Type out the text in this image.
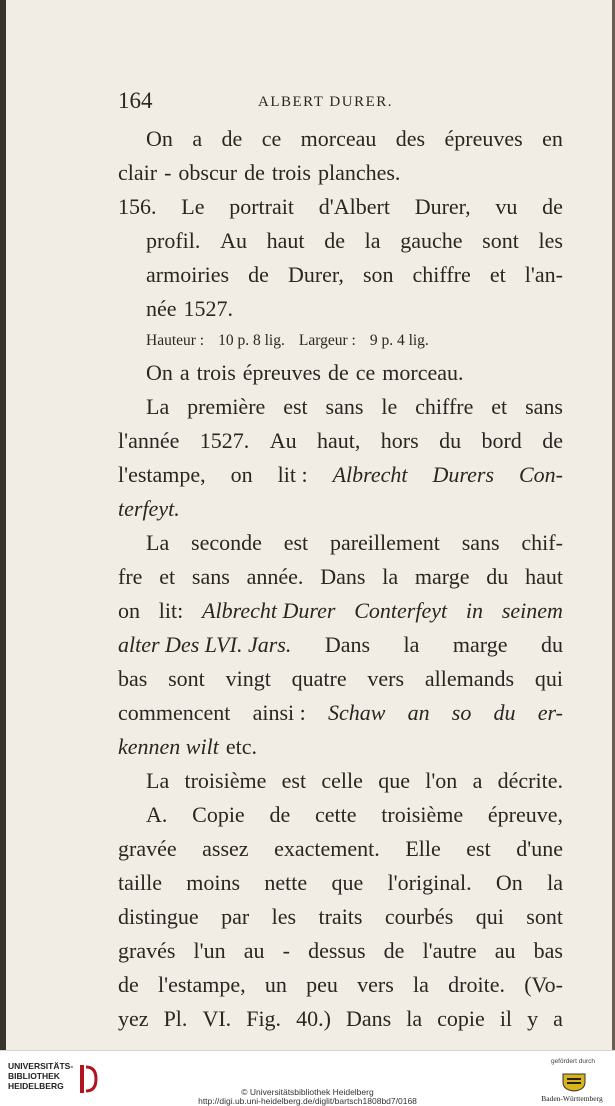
164	ALBERT DURER.
On a de ce morceau des épreuves en
clair - obscur de trois planches.
156. Le portrait d'Albert Durer, vu de
profil. Au haut de la gauche sont les
armoiries de Durer, son chiffre et l'an-
née 1527.
Hauteur : 10 p. 8 lig. Largeur : 9 p. 4 lig.
On a trois épreuves de ce morceau.
La première est sans le chiffre et sans
l'année 1527. Au haut, hors du bord de
l'estampe, on lit : Albrecht Durers Con-
terfeyt.
La seconde est pareillement sans chif-
fre et sans année. Dans la marge du haut
on lit: Albrecht Durer Conterfeyt in seinem
alter Des LVI. Jars. Dans la marge du
bas sont vingt quatre vers allemands qui
commencent ainsi : Schaw an so du er-
kennen wilt etc.
La troisième est celle que l'on a décrite.
A. Copie de cette troisième épreuve,
gravée assez exactement. Elle est d'une
taille moins nette que l'original. On la
distingue par les traits courbés qui sont
gravés l'un au - dessus de l'autre au bas
de l'estampe, un peu vers la droite. (Vo-
yez Pl. VI. Fig. 40.) Dans la copie il y a
UNIVERSITÄTS-
BIBLIOTHEK
HEIDELBERG
© Universitätsbibliothek Heidelberg
http://digi.ub.uni-heidelberg.de/diglit/bartsch1808bd7/0168
gefördert durch
Baden-Württemberg
